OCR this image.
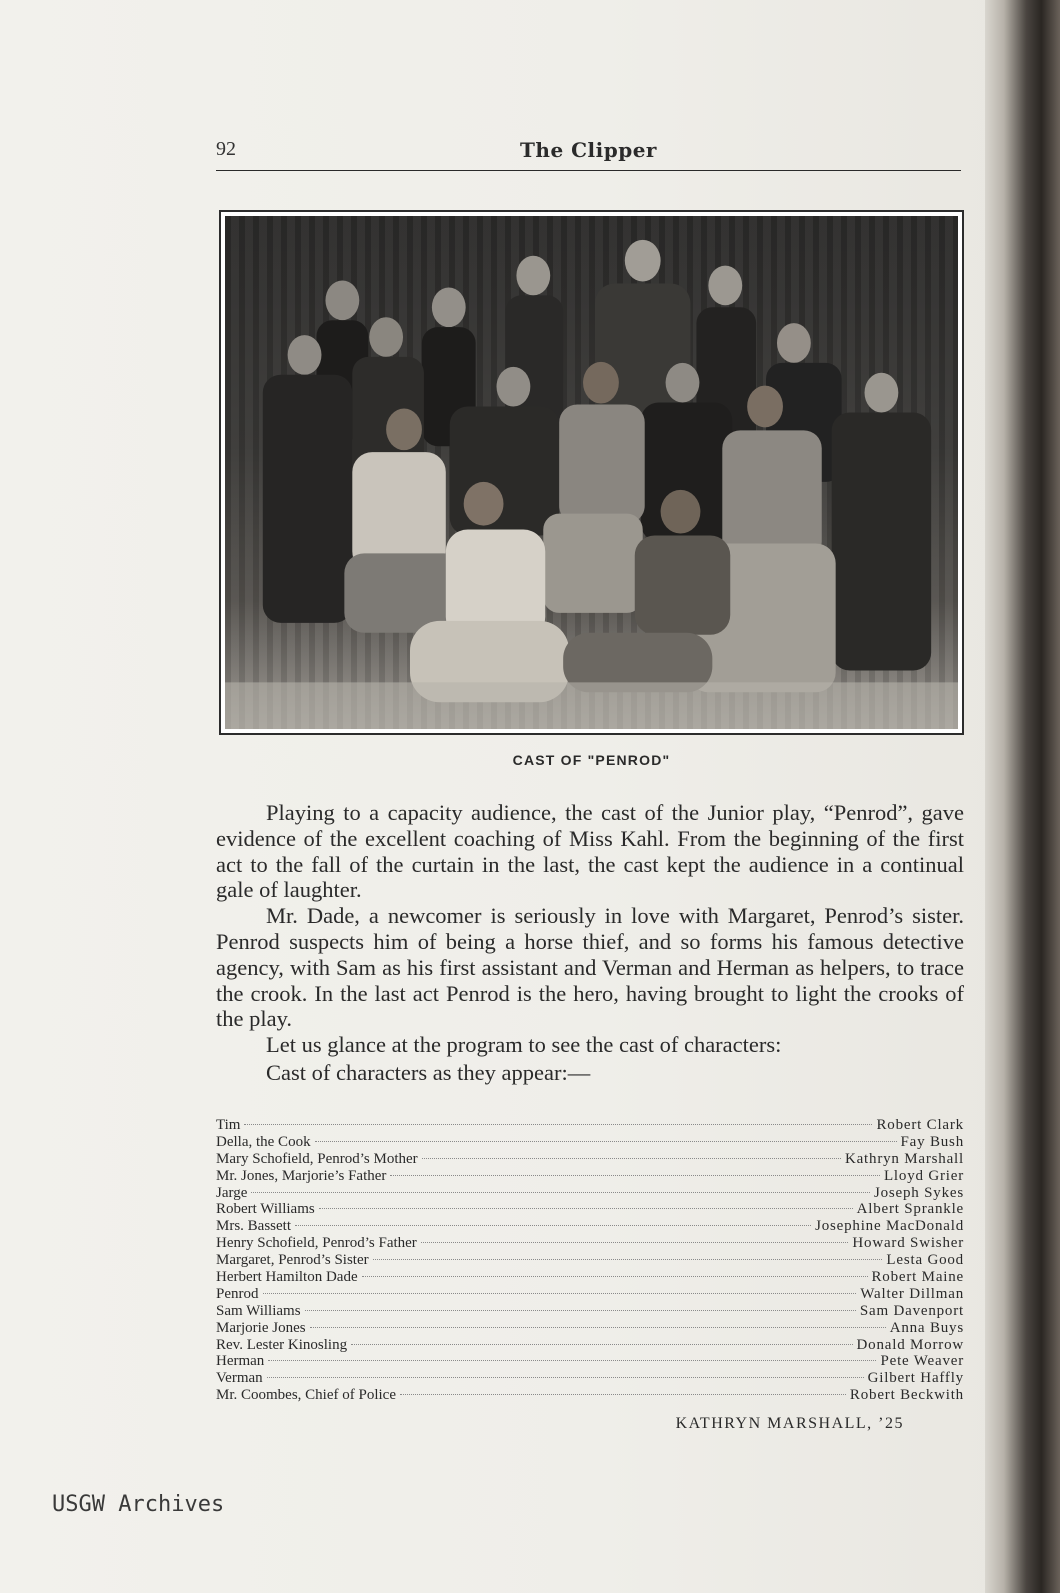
92	The Clipper
CAST OF "PENROD"

Playing to a capacity audience, the cast of the Junior play, “Penrod”, gave evidence of the excellent coaching of Miss Kahl. From the beginning of the first act to the fall of the curtain in the last, the cast kept the audience in a continual gale of laughter.

Mr. Dade, a newcomer is seriously in love with Margaret, Penrod’s sister. Penrod suspects him of being a horse thief, and so forms his famous detective agency, with Sam as his first assistant and Verman and Herman as helpers, to trace the crook. In the last act Penrod is the hero, having brought to light the crooks of the play.

Let us glance at the program to see the cast of characters:

Cast of characters as they appear:—

Tim	Robert Clark
Della, the Cook	Fay Bush
Mary Schofield, Penrod’s Mother	Kathryn Marshall
Mr. Jones, Marjorie’s Father	Lloyd Grier
Jarge	Joseph Sykes
Robert Williams	Albert Sprankle
Mrs. Bassett	Josephine MacDonald
Henry Schofield, Penrod’s Father	Howard Swisher
Margaret, Penrod’s Sister	Lesta Good
Herbert Hamilton Dade	Robert Maine
Penrod	Walter Dillman
Sam Williams	Sam Davenport
Marjorie Jones	Anna Buys
Rev. Lester Kinosling	Donald Morrow
Herman	Pete Weaver
Verman	Gilbert Haffly
Mr. Coombes, Chief of Police	Robert Beckwith
KATHRYN MARSHALL, ’25
USGW Archives
